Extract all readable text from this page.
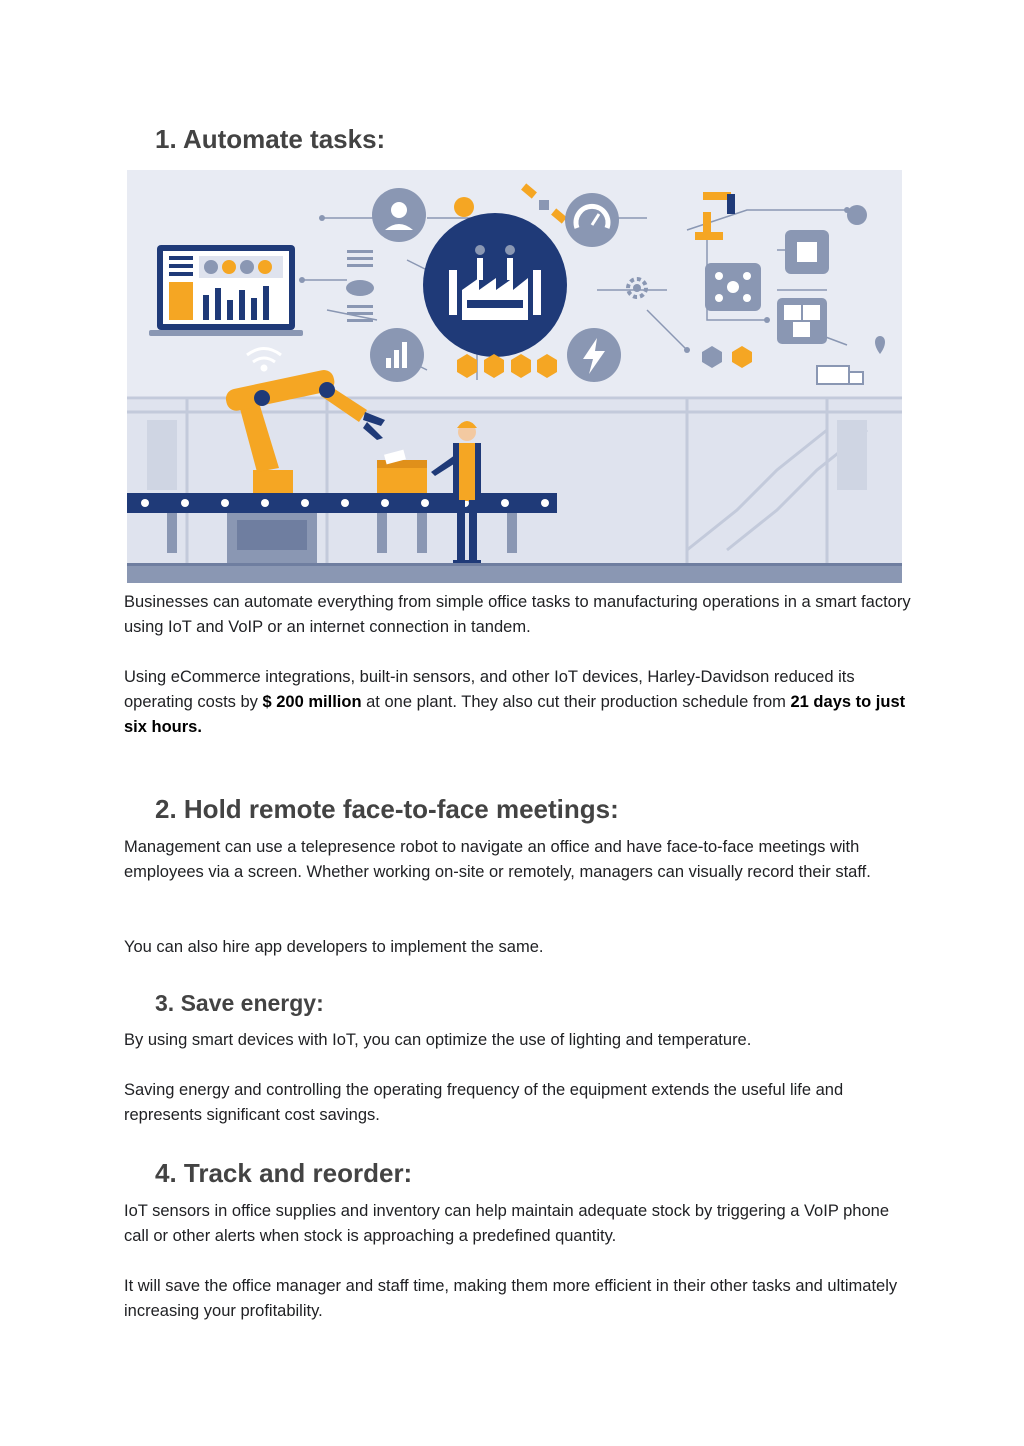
1. Automate tasks:

Businesses can automate everything from simple office tasks to manufacturing operations in a smart factory using IoT and VoIP or an internet connection in tandem.

Using eCommerce integrations, built-in sensors, and other IoT devices, Harley-Davidson reduced its operating costs by $ 200 million at one plant. They also cut their production schedule from 21 days to just six hours.

2. Hold remote face-to-face meetings:

Management can use a telepresence robot to navigate an office and have face-to-face meetings with employees via a screen. Whether working on-site or remotely, managers can visually record their staff.

You can also hire app developers to implement the same.

3. Save energy:

By using smart devices with IoT, you can optimize the use of lighting and temperature.

Saving energy and controlling the operating frequency of the equipment extends the useful life and represents significant cost savings.

4. Track and reorder:

IoT sensors in office supplies and inventory can help maintain adequate stock by triggering a VoIP phone call or other alerts when stock is approaching a predefined quantity.

It will save the office manager and staff time, making them more efficient in their other tasks and ultimately increasing your profitability.
